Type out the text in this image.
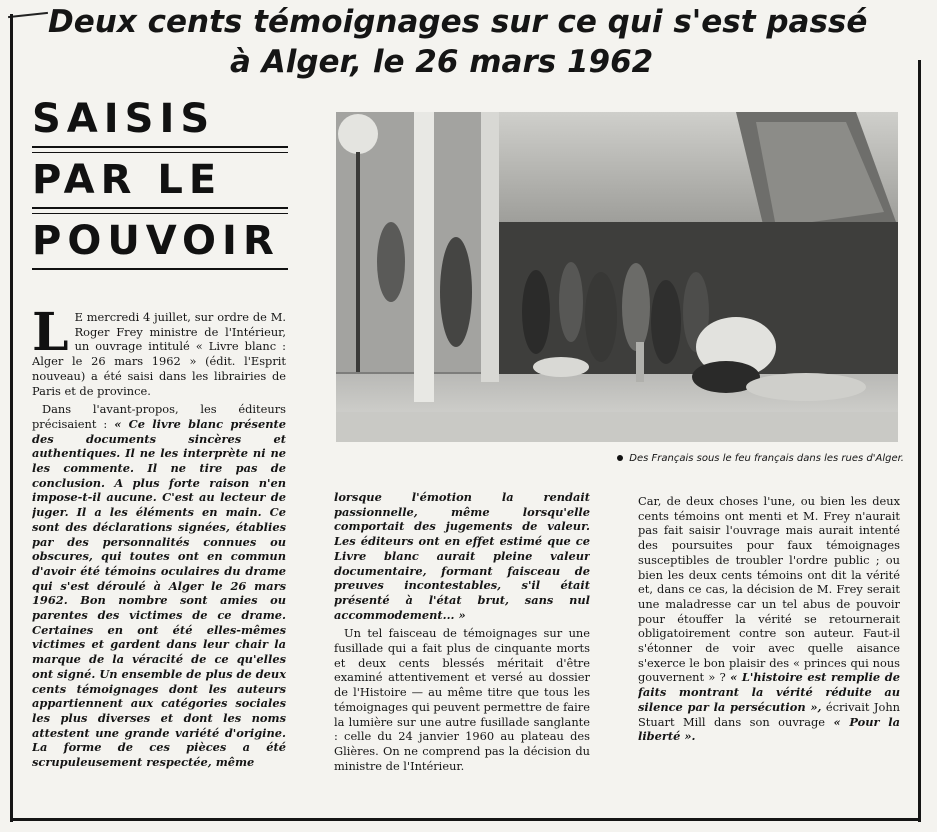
Deux cents témoignages sur ce qui s'est passé
à Alger, le 26 mars 1962
SAISIS
PAR LE
POUVOIR

L E mercredi 4 juillet, sur ordre de M. Roger Frey ministre de l'Intérieur, un ouvrage intitulé « Livre blanc : Alger le 26 mars 1962 » (édit. l'Esprit nouveau) a été saisi dans les librairies de Paris et de province.

Dans l'avant-propos, les éditeurs précisaient : « Ce livre blanc présente des documents sincères et authentiques. Il ne les interprète ni ne les commente. Il ne tire pas de conclusion. A plus forte raison n'en impose-t-il aucune. C'est au lecteur de juger. Il a les éléments en main. Ce sont des déclarations signées, établies par des personnalités connues ou obscures, qui toutes ont en commun d'avoir été témoins oculaires du drame qui s'est déroulé à Alger le 26 mars 1962. Bon nombre sont amies ou parentes des victimes de ce drame. Certaines en ont été elles-mêmes victimes et gardent dans leur chair la marque de la véracité de ce qu'elles ont signé. Un ensemble de plus de deux cents témoignages dont les auteurs appartiennent aux catégories sociales les plus diverses et dont les noms attestent une grande variété d'origine. La forme de ces pièces a été scrupuleusement respectée, même

Des Français sous le feu français dans les rues d'Alger.

lorsque l'émotion la rendait passionnelle, même lorsqu'elle comportait des jugements de valeur. Les éditeurs ont en effet estimé que ce Livre blanc aurait pleine valeur documentaire, formant faisceau de preuves incontestables, s'il était présenté à l'état brut, sans nul accommodement... »

Un tel faisceau de témoignages sur une fusillade qui a fait plus de cinquante morts et deux cents blessés méritait d'être examiné attentivement et versé au dossier de l'Histoire — au même titre que tous les témoignages qui peuvent permettre de faire la lumière sur une autre fusillade sanglante : celle du 24 janvier 1960 au plateau des Glières. On ne comprend pas la décision du ministre de l'Intérieur.

Car, de deux choses l'une, ou bien les deux cents témoins ont menti et M. Frey n'aurait pas fait saisir l'ouvrage mais aurait intenté des poursuites pour faux témoignages susceptibles de troubler l'ordre public ; ou bien les deux cents témoins ont dit la vérité et, dans ce cas, la décision de M. Frey serait une maladresse car un tel abus de pouvoir pour étouffer la vérité se retournerait obligatoirement contre son auteur. Faut-il s'étonner de voir avec quelle aisance s'exerce le bon plaisir des « princes qui nous gouvernent » ? « L'histoire est remplie de faits montrant la vérité réduite au silence par la persécution », écrivait John Stuart Mill dans son ouvrage « Pour la liberté ».
